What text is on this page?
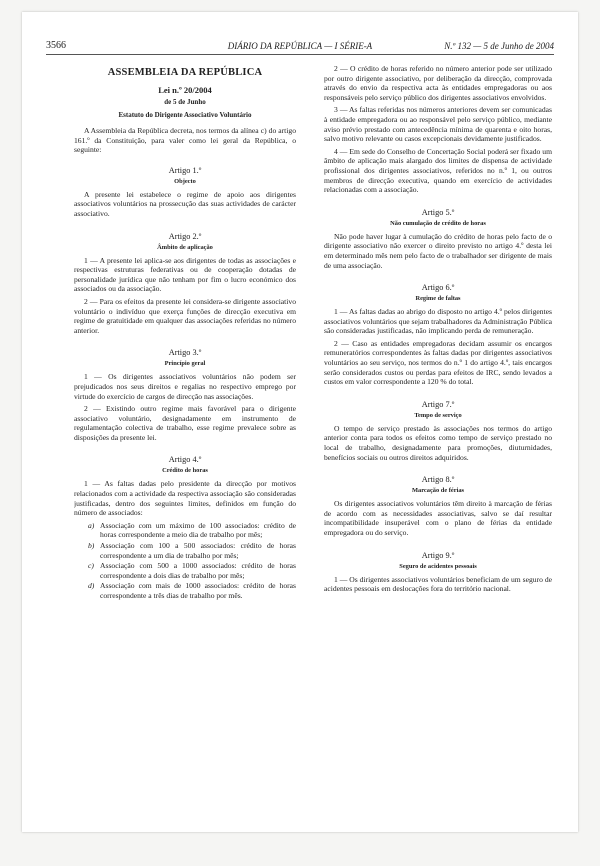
3566	DIÁRIO DA REPÚBLICA — I SÉRIE-A	N.º 132 — 5 de Junho de 2004
ASSEMBLEIA DA REPÚBLICA
Lei n.º 20/2004
de 5 de Junho
Estatuto do Dirigente Associativo Voluntário

A Assembleia da República decreta, nos termos da alínea c) do artigo 161.º da Constituição, para valer como lei geral da República, o seguinte:

Artigo 1.º
Objecto

A presente lei estabelece o regime de apoio aos dirigentes associativos voluntários na prossecução das suas actividades de carácter associativo.

Artigo 2.º
Âmbito de aplicação

1 — A presente lei aplica-se aos dirigentes de todas as associações e respectivas estruturas federativas ou de cooperação dotadas de personalidade jurídica que não tenham por fim o lucro económico dos associados ou da associação.

2 — Para os efeitos da presente lei considera-se dirigente associativo voluntário o indivíduo que exerça funções de direcção executiva em regime de gratuitidade em qualquer das associações referidas no número anterior.

Artigo 3.º
Princípio geral

1 — Os dirigentes associativos voluntários não podem ser prejudicados nos seus direitos e regalias no respectivo emprego por virtude do exercício de cargos de direcção nas associações.

2 — Existindo outro regime mais favorável para o dirigente associativo voluntário, designadamente em instrumento de regulamentação colectiva de trabalho, esse regime prevalece sobre as disposições da presente lei.

Artigo 4.º
Crédito de horas

1 — As faltas dadas pelo presidente da direcção por motivos relacionados com a actividade da respectiva associação são consideradas justificadas, dentro dos seguintes limites, definidos em função do número de associados:

a) Associação com um máximo de 100 associados: crédito de horas correspondente a meio dia de trabalho por mês;
b) Associação com 100 a 500 associados: crédito de horas correspondente a um dia de trabalho por mês;
c) Associação com 500 a 1000 associados: crédito de horas correspondente a dois dias de trabalho por mês;
d) Associação com mais de 1000 associados: crédito de horas correspondente a três dias de trabalho por mês.

2 — O crédito de horas referido no número anterior pode ser utilizado por outro dirigente associativo, por deliberação da direcção, comprovada através do envio da respectiva acta às entidades empregadoras ou aos responsáveis pelo serviço público dos dirigentes associativos envolvidos.

3 — As faltas referidas nos números anteriores devem ser comunicadas à entidade empregadora ou ao responsável pelo serviço público, mediante aviso prévio prestado com antecedência mínima de quarenta e oito horas, salvo motivo relevante ou casos excepcionais devidamente justificados.

4 — Em sede do Conselho de Concertação Social poderá ser fixado um âmbito de aplicação mais alargado dos limites de dispensa de actividade profissional dos dirigentes associativos, referidos no n.º 1, ou outros membros de direcção executiva, quando em exercício de actividades relacionadas com a associação.

Artigo 5.º
Não cumulação de crédito de horas

Não pode haver lugar à cumulação do crédito de horas pelo facto de o dirigente associativo não exercer o direito previsto no artigo 4.º desta lei em determinado mês nem pelo facto de o trabalhador ser dirigente de mais de uma associação.

Artigo 6.º
Regime de faltas

1 — As faltas dadas ao abrigo do disposto no artigo 4.º pelos dirigentes associativos voluntários que sejam trabalhadores da Administração Pública são consideradas justificadas, não implicando perda de remuneração.

2 — Caso as entidades empregadoras decidam assumir os encargos remuneratórios correspondentes às faltas dadas por dirigentes associativos voluntários ao seu serviço, nos termos do n.º 1 do artigo 4.º, tais encargos serão considerados custos ou perdas para efeitos de IRC, sendo levados a custos em valor correspondente a 120 % do total.

Artigo 7.º
Tempo de serviço

O tempo de serviço prestado às associações nos termos do artigo anterior conta para todos os efeitos como tempo de serviço prestado no local de trabalho, designadamente para promoções, diuturnidades, benefícios sociais ou outros direitos adquiridos.

Artigo 8.º
Marcação de férias

Os dirigentes associativos voluntários têm direito à marcação de férias de acordo com as necessidades associativas, salvo se daí resultar incompatibilidade insuperável com o plano de férias da entidade empregadora ou do serviço.

Artigo 9.º
Seguro de acidentes pessoais

1 — Os dirigentes associativos voluntários beneficiam de um seguro de acidentes pessoais em deslocações fora do território nacional.
